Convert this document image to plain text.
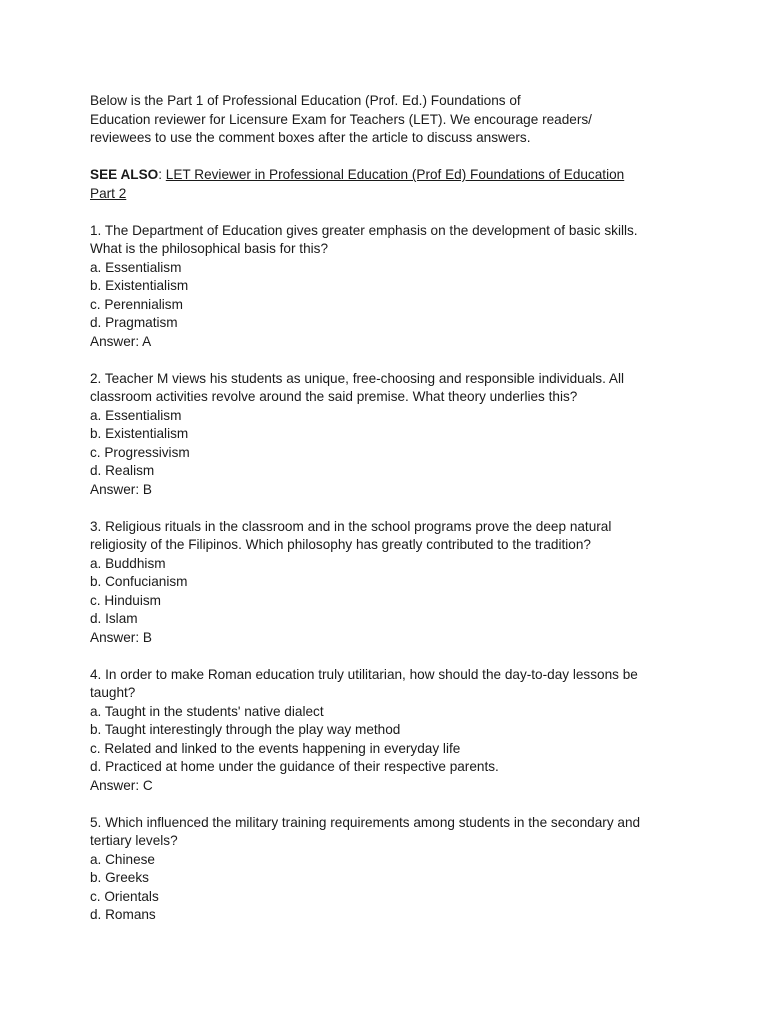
Below is the Part 1 of Professional Education (Prof. Ed.) Foundations of
Education reviewer for Licensure Exam for Teachers (LET). We encourage readers/
reviewees to use the comment boxes after the article to discuss answers.
SEE ALSO: LET Reviewer in Professional Education (Prof Ed) Foundations of Education
Part 2
1. The Department of Education gives greater emphasis on the development of basic skills.
What is the philosophical basis for this?
a. Essentialism
b. Existentialism
c. Perennialism
d. Pragmatism
Answer: A
2. Teacher M views his students as unique, free-choosing and responsible individuals. All
classroom activities revolve around the said premise. What theory underlies this?
a. Essentialism
b. Existentialism
c. Progressivism
d. Realism
Answer: B
3. Religious rituals in the classroom and in the school programs prove the deep natural
religiosity of the Filipinos. Which philosophy has greatly contributed to the tradition?
a. Buddhism
b. Confucianism
c. Hinduism
d. Islam
Answer: B
4. In order to make Roman education truly utilitarian, how should the day-to-day lessons be
taught?
a. Taught in the students' native dialect
b. Taught interestingly through the play way method
c. Related and linked to the events happening in everyday life
d. Practiced at home under the guidance of their respective parents.
Answer: C
5. Which influenced the military training requirements among students in the secondary and
tertiary levels?
a. Chinese
b. Greeks
c. Orientals
d. Romans
